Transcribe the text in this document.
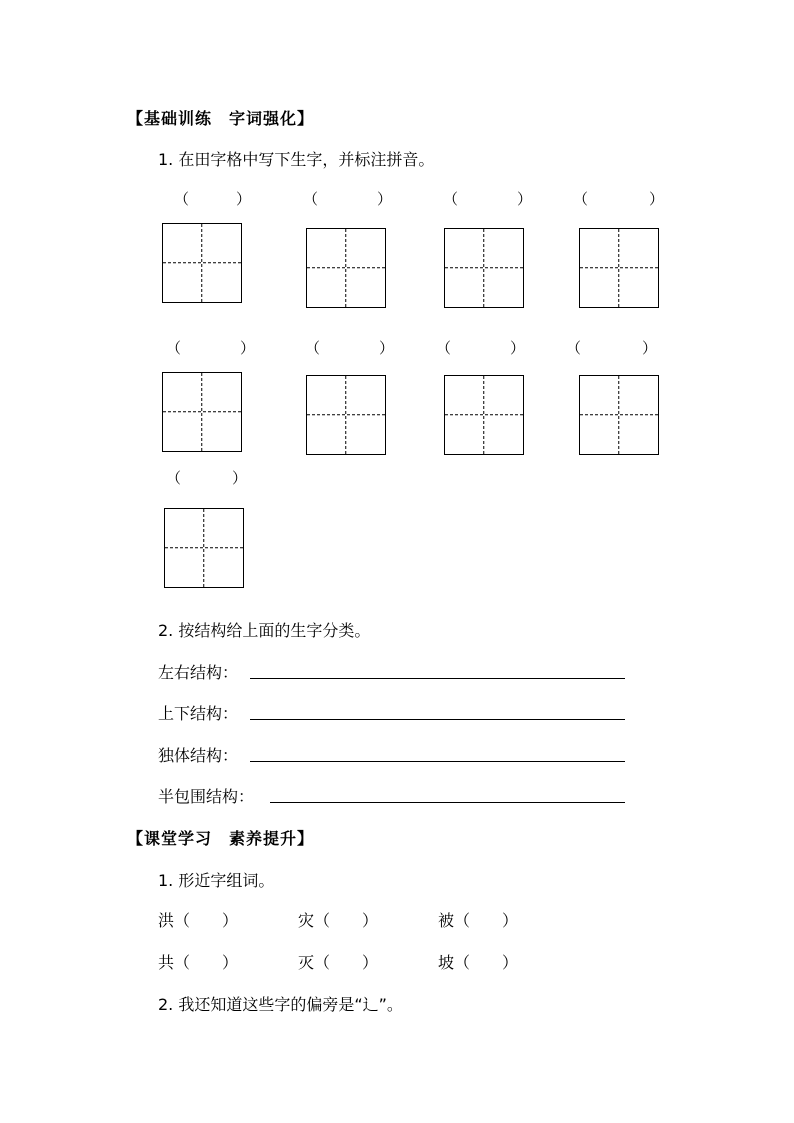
【基础训练　字词强化】
1. 在田字格中写下生字，并标注拼音。
（	）	（	）	（	）	（	）
（	）	（	）	（	）	（	）
（	）
2. 按结构给上面的生字分类。
左右结构：
上下结构：
独体结构：
半包围结构：
【课堂学习　素养提升】
1. 形近字组词。
洪（　　）	灾（　　）	被（　　）
共（　　）	灭（　　）	坡（　　）
2. 我还知道这些字的偏旁是“辶”。
